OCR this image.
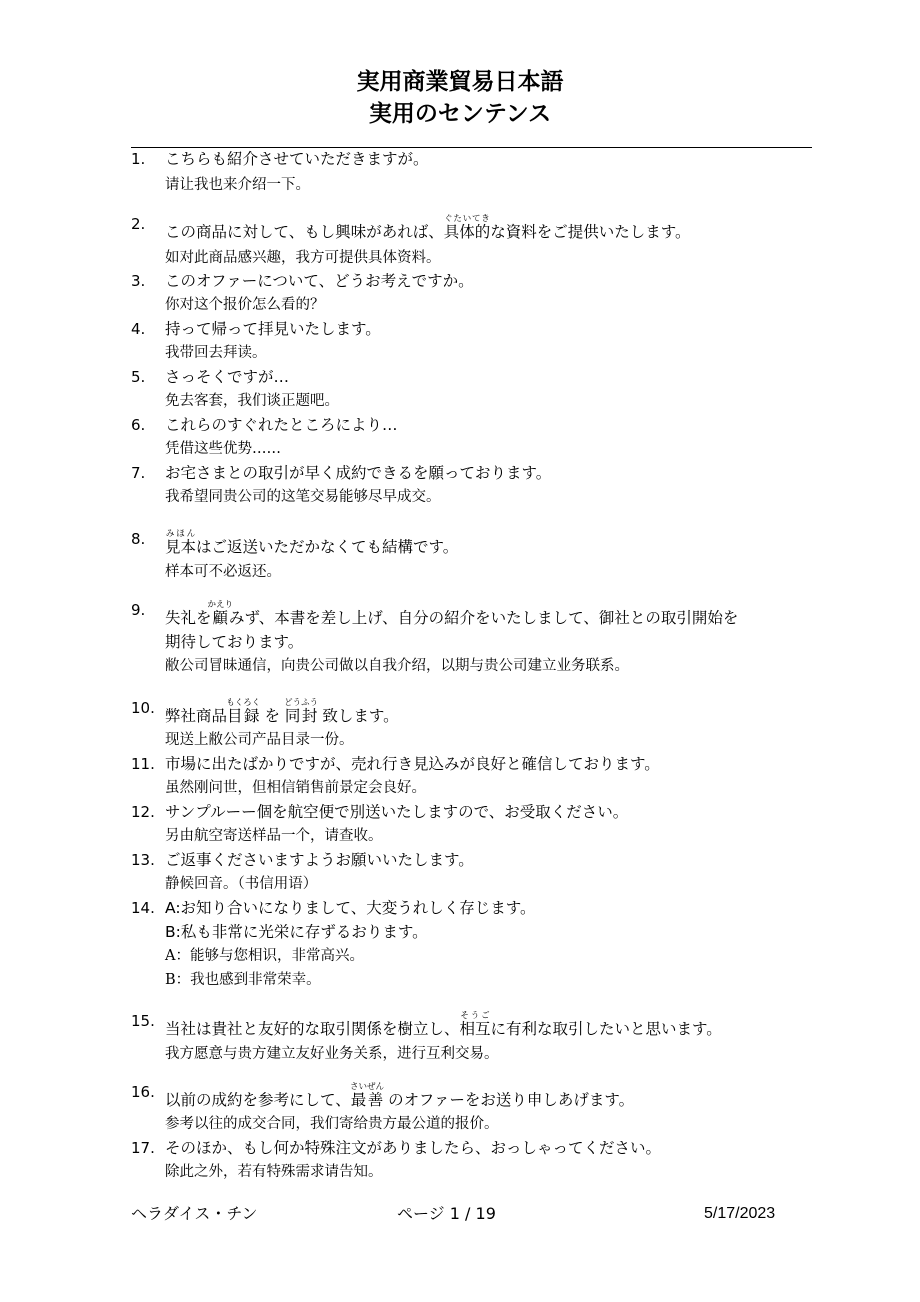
実用商業貿易日本語
実用のセンテンス
1. こちらも紹介させていただきますが。
请让我也来介绍一下。
2. この商品に対して、もし興味があれば、具体的ぐたいてきな資料をご提供いたします。
如对此商品感兴趣，我方可提供具体资料。
3. このオファーについて、どうお考えですか。
你对这个报价怎么看的？
4. 持って帰って拝見いたします。
我带回去拜读。
5. さっそくですが…
免去客套，我们谈正题吧。
6. これらのすぐれたところにより…
凭借这些优势……
7. お宅さまとの取引が早く成約できるを願っております。
我希望同贵公司的这笔交易能够尽早成交。
8. 見本みほんはご返送いただかなくても結構です。
样本可不必返还。
9. 失礼を顧かえりみず、本書を差し上げ、自分の紹介をいたしまして、御社との取引開始を
期待しております。
敝公司冒昧通信，向贵公司做以自我介绍，以期与贵公司建立业务联系。
10. 弊社商品目録もくろく を 同封どうふう 致します。
现送上敝公司产品目录一份。
11. 市場に出たばかりですが、売れ行き見込みが良好と確信しております。
虽然刚问世，但相信销售前景定会良好。
12. サンプルーー個を航空便で別送いたしますので、お受取ください。
另由航空寄送样品一个，请查收。
13. ご返事くださいますようお願いいたします。
静候回音。（书信用语）
14. A:お知り合いになりまして、大変うれしく存じます。
B:私も非常に光栄に存ずるおります。
A：能够与您相识，非常高兴。
B：我也感到非常荣幸。
15. 当社は貴社と友好的な取引関係を樹立し、相互そうごに有利な取引したいと思います。
我方愿意与贵方建立友好业务关系，进行互利交易。
16. 以前の成約を参考にして、最善さいぜん のオファーをお送り申しあげます。
参考以往的成交合同，我们寄给贵方最公道的报价。
17. そのほか、もし何か特殊注文がありましたら、おっしゃってください。
除此之外，若有特殊需求请告知。
ヘラダイス・チン	ページ 1 / 19	5/17/2023
